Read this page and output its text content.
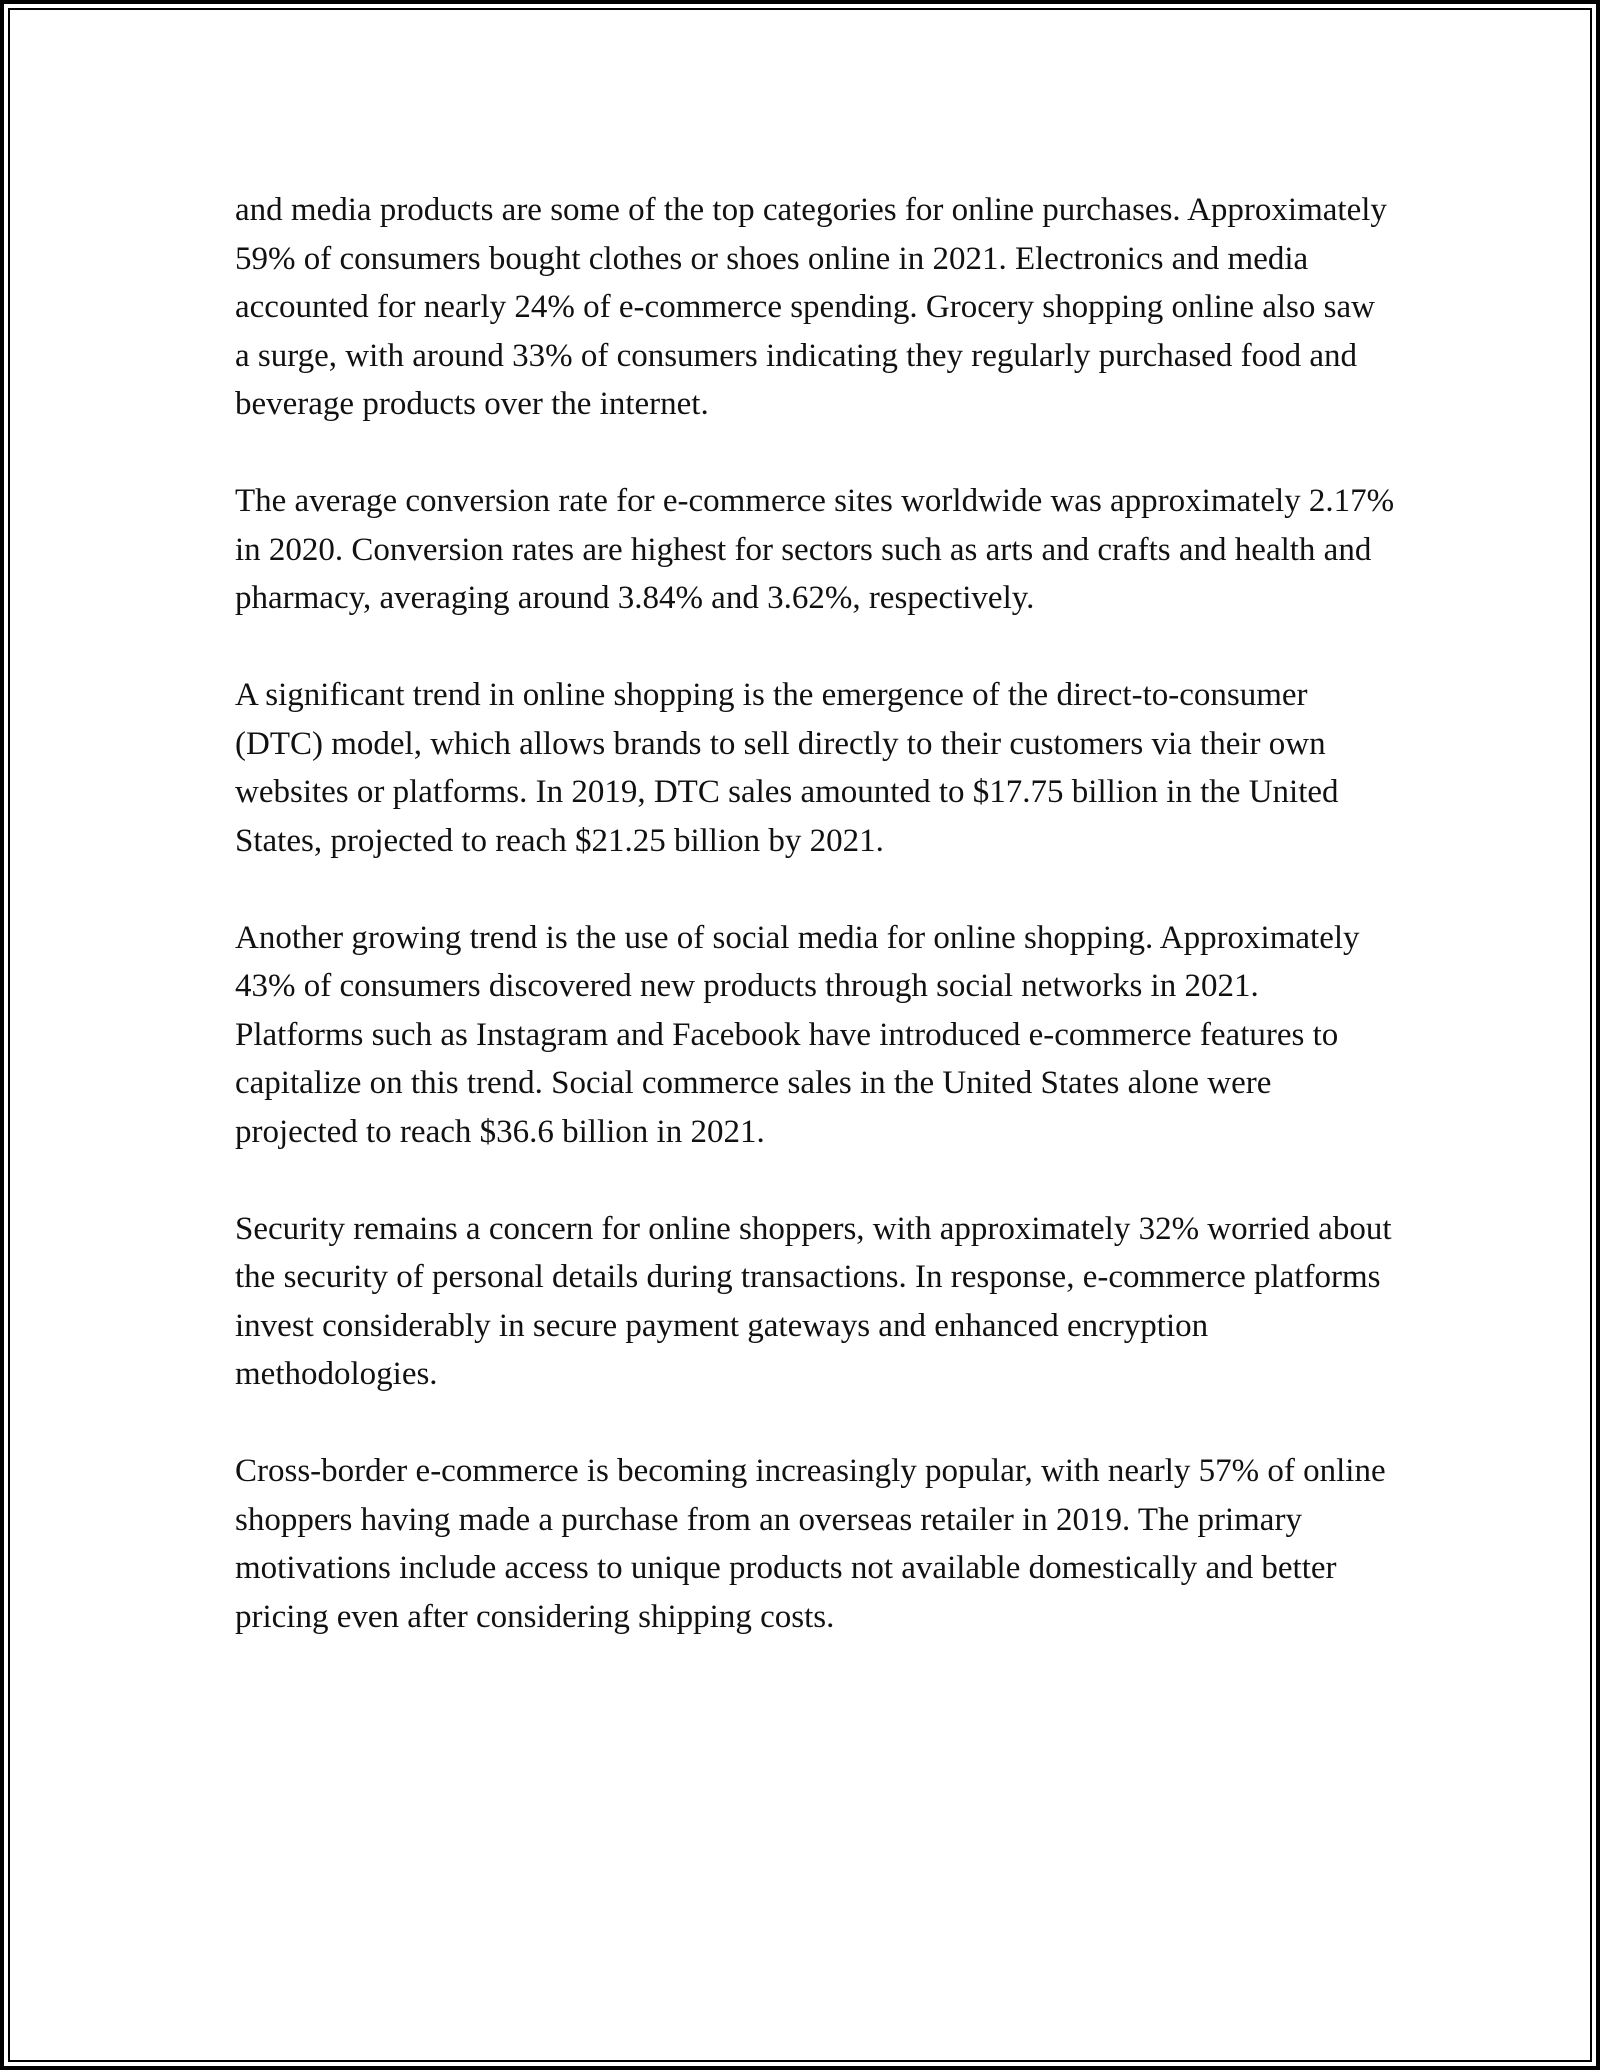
and media products are some of the top categories for online purchases. Approximately 59% of consumers bought clothes or shoes online in 2021. Electronics and media accounted for nearly 24% of e-commerce spending. Grocery shopping online also saw a surge, with around 33% of consumers indicating they regularly purchased food and beverage products over the internet.

The average conversion rate for e-commerce sites worldwide was approximately 2.17% in 2020. Conversion rates are highest for sectors such as arts and crafts and health and pharmacy, averaging around 3.84% and 3.62%, respectively.

A significant trend in online shopping is the emergence of the direct-to-consumer (DTC) model, which allows brands to sell directly to their customers via their own websites or platforms. In 2019, DTC sales amounted to $17.75 billion in the United States, projected to reach $21.25 billion by 2021.

Another growing trend is the use of social media for online shopping. Approximately 43% of consumers discovered new products through social networks in 2021. Platforms such as Instagram and Facebook have introduced e-commerce features to capitalize on this trend. Social commerce sales in the United States alone were projected to reach $36.6 billion in 2021.

Security remains a concern for online shoppers, with approximately 32% worried about the security of personal details during transactions. In response, e-commerce platforms invest considerably in secure payment gateways and enhanced encryption methodologies.

Cross-border e-commerce is becoming increasingly popular, with nearly 57% of online shoppers having made a purchase from an overseas retailer in 2019. The primary motivations include access to unique products not available domestically and better pricing even after considering shipping costs.
